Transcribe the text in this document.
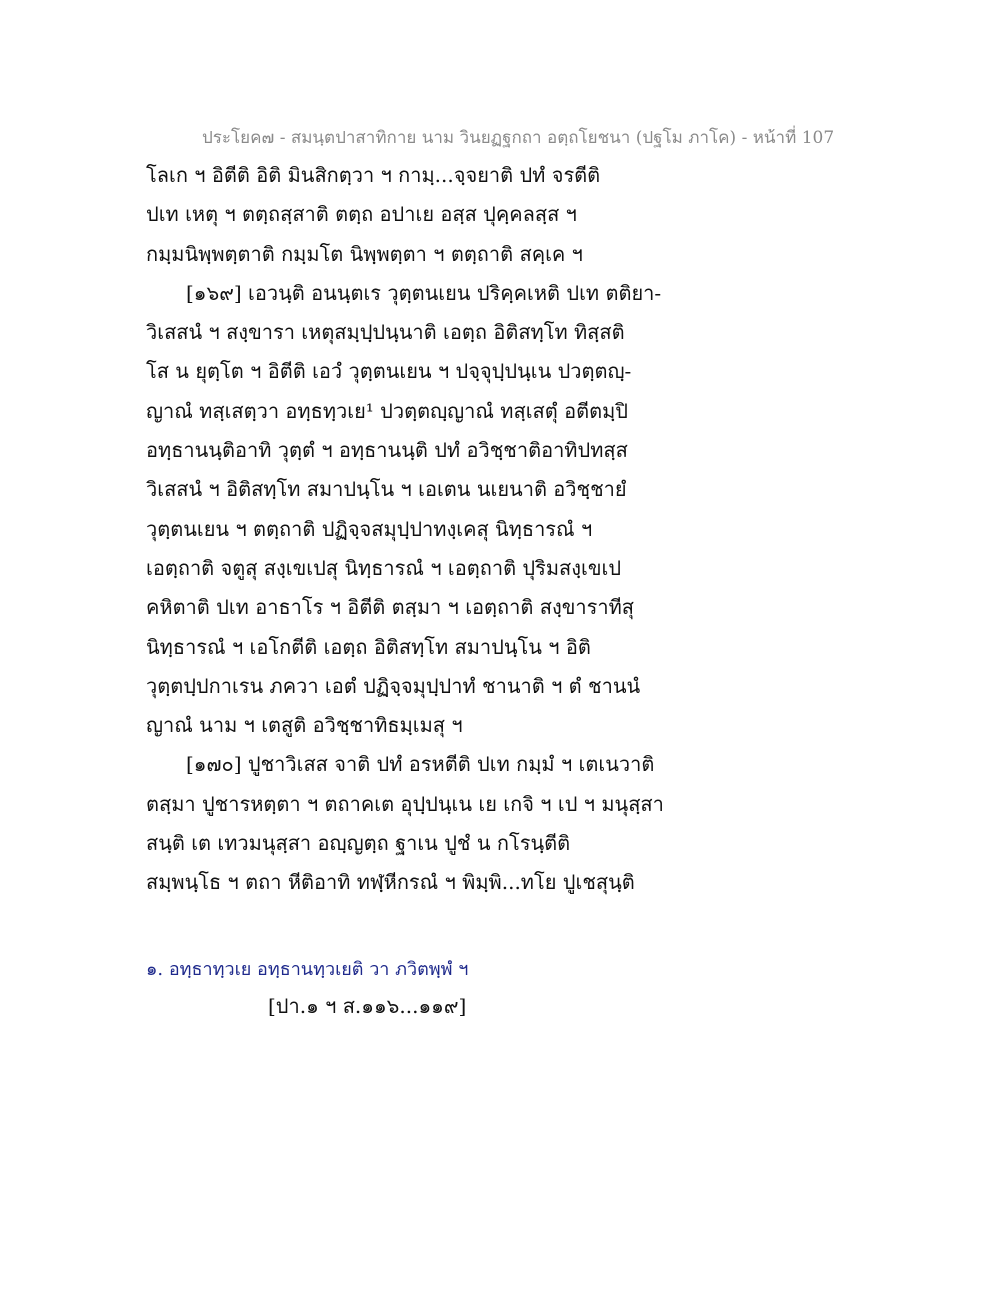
ประโยค๗ - สมนฺตปาสาทิกาย นาม วินยฏฐกถา อตฺถโยชนา (ปฐโม ภาโค) - หน้าที่ 107
โลเก ฯ อิตีติ อิติ มินสิกตฺวา ฯ กามฺ...จฺจยาติ ปทํ จรตีติ
ปเท เหตุ ฯ ตตฺถสฺสาติ ตตฺถ อปาเย อสฺส ปุคฺคลสฺส ฯ
กมฺมนิพฺพตฺตาติ กมฺมโต นิพฺพตฺตา ฯ ตตฺถาติ สคฺเค ฯ
[๑๖๙] เอวนฺติ อนนฺตเร วุตฺตนเยน ปริคฺคเหติ ปเท ตติยา-
วิเสสนํ ฯ สงฺขารา เหตุสมฺปฺปนฺนาติ เอตฺถ อิติสทฺโท ทิสฺสติ
โส น ยุตฺโต ฯ อิตีติ เอวํ วุตฺตนเยน ฯ ปจฺจุปฺปนฺเน ปวตฺตญฺ-
ญาณํ ทสฺเสตฺวา อทฺธทฺวเย¹ ปวตฺตญฺญาณํ ทสฺเสตุํ อตีตมฺปิ
อทฺธานนฺติอาทิ วุตฺตํ ฯ อทฺธานนฺติ ปทํ อวิชฺชาติอาทิปทสฺส
วิเสสนํ ฯ อิติสทฺโท สมาปนฺโน ฯ เอเตน นเยนาติ อวิชฺชายํ
วุตฺตนเยน ฯ ตตฺถาติ ปฏิจฺจสมุปฺปาทงฺเคสุ นิทฺธารณํ ฯ
เอตฺถาติ จตูสุ สงฺเขเปสุ นิทฺธารณํ ฯ เอตฺถาติ ปุริมสงฺเขเป
คหิตาติ ปเท อาธาโร ฯ อิตีติ ตสฺมา ฯ เอตฺถาติ สงฺขาราทีสุ
นิทฺธารณํ ฯ เอโกตีติ เอตฺถ อิติสทฺโท สมาปนฺโน ฯ อิติ
วุตฺตปฺปกาเรน ภควา เอตํ ปฏิจฺจมุปฺปาทํ ชานาติ ฯ ตํ ชานนํ
ญาณํ นาม ฯ เตสูติ อวิชฺชาทิธมฺเมสุ ฯ
[๑๗๐] ปูชาวิเสส จาติ ปทํ อรหตีติ ปเท กมฺมํ ฯ เตเนวาติ
ตสฺมา ปูชารหตฺตา ฯ ตถาคเต อุปฺปนฺเน เย เกจิ ฯ เป ฯ มนุสฺสา
สนฺติ เต เทวมนุสฺสา อญฺญตฺถ ฐาเน ปูชํ น กโรนฺตีติ
สมฺพนฺโธ ฯ ตถา หีติอาทิ ทฬฺหีกรณํ ฯ พิมฺพิ...ทโย ปูเชสุนฺติ
๑. อทฺธาทฺวเย อทฺธานทฺวเยติ วา ภวิตพฺพํ ฯ
[ปา.๑ ฯ ส.๑๑๖...๑๑๙]
